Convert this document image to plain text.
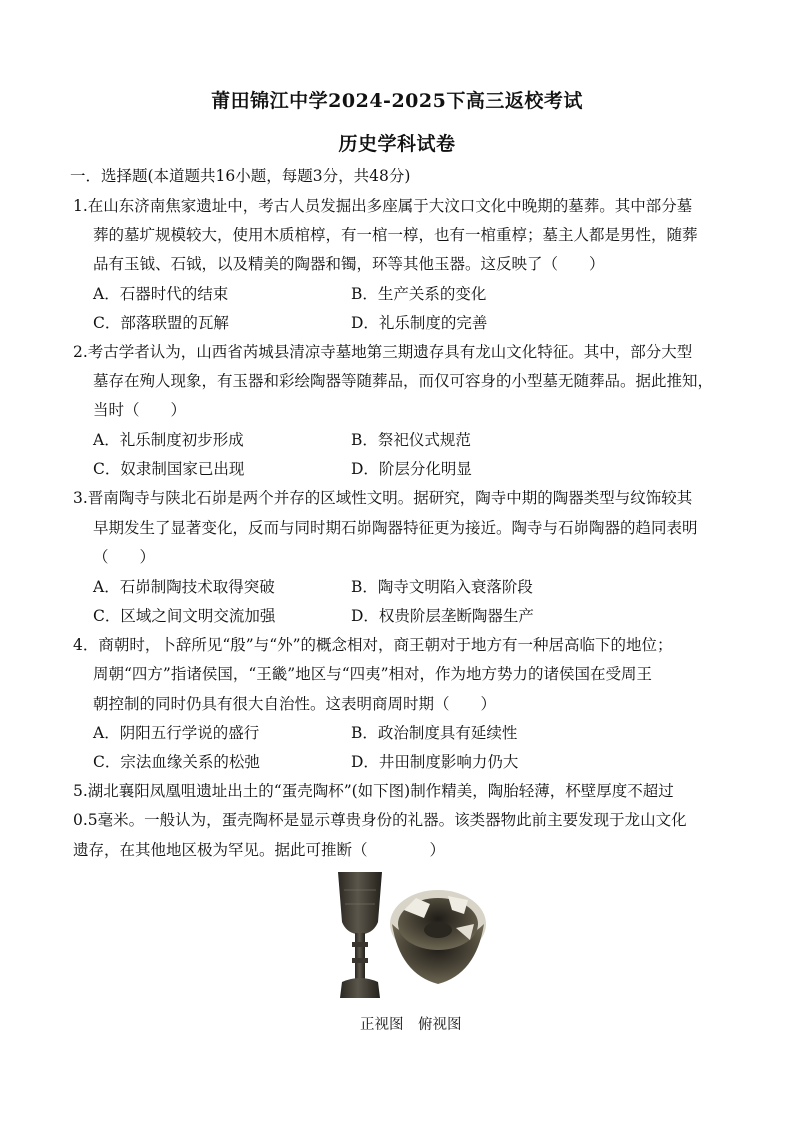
莆田锦江中学2024-2025下高三返校考试
历史学科试卷
一．选择题(本道题共16小题，每题3分，共48分)
1.在山东济南焦家遗址中，考古人员发掘出多座属于大汶口文化中晚期的墓葬。其中部分墓
葬的墓圹规模较大，使用木质棺椁，有一棺一椁，也有一棺重椁；墓主人都是男性，随葬
品有玉钺、石钺，以及精美的陶器和镯，环等其他玉器。这反映了（　　）
A．石器时代的结束	B．生产关系的变化
C．部落联盟的瓦解	D．礼乐制度的完善
2.考古学者认为，山西省芮城县清凉寺墓地第三期遗存具有龙山文化特征。其中，部分大型
墓存在殉人现象，有玉器和彩绘陶器等随葬品，而仅可容身的小型墓无随葬品。据此推知，
当时（　　）
A．礼乐制度初步形成	B．祭祀仪式规范
C．奴隶制国家已出现	D．阶层分化明显
3.晋南陶寺与陕北石峁是两个并存的区域性文明。据研究，陶寺中期的陶器类型与纹饰较其
早期发生了显著变化，反而与同时期石峁陶器特征更为接近。陶寺与石峁陶器的趋同表明
（　　）
A．石峁制陶技术取得突破	B．陶寺文明陷入衰落阶段
C．区域之间文明交流加强	D．权贵阶层垄断陶器生产
4．商朝时，卜辞所见“殷”与“外”的概念相对，商王朝对于地方有一种居高临下的地位；
周朝“四方”指诸侯国，“王畿”地区与“四夷”相对，作为地方势力的诸侯国在受周王
朝控制的同时仍具有很大自治性。这表明商周时期（　　）
A．阴阳五行学说的盛行	B．政治制度具有延续性
C．宗法血缘关系的松弛	D．井田制度影响力仍大
5.湖北襄阳凤凰咀遗址出土的“蛋壳陶杯”(如下图)制作精美，陶胎轻薄，杯壁厚度不超过
0.5毫米。一般认为，蛋壳陶杯是显示尊贵身份的礼器。该类器物此前主要发现于龙山文化
遗存，在其他地区极为罕见。据此可推断（　　　　）
正视图　俯视图
